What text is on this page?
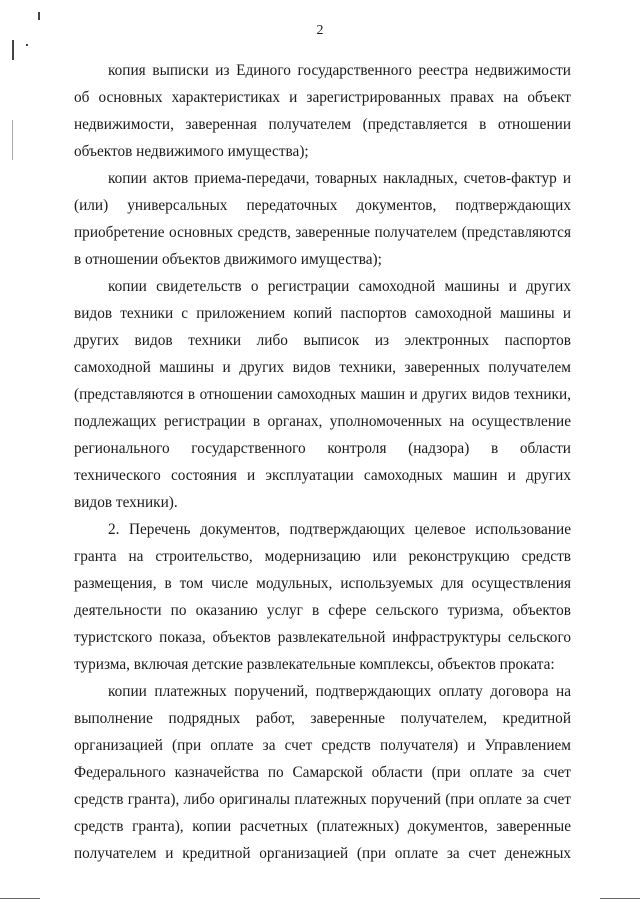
2

копия выписки из Единого государственного реестра недвижимости
об основных характеристиках и зарегистрированных правах на объект
недвижимости, заверенная получателем (представляется в отношении
объектов недвижимого имущества);

копии актов приема-передачи, товарных накладных, счетов-фактур и
(или) универсальных передаточных документов, подтверждающих
приобретение основных средств, заверенные получателем (представляются
в отношении объектов движимого имущества);

копии свидетельств о регистрации самоходной машины и других
видов техники с приложением копий паспортов самоходной машины и
других видов техники либо выписок из электронных паспортов
самоходной машины и других видов техники, заверенных получателем
(представляются в отношении самоходных машин и других видов техники,
подлежащих регистрации в органах, уполномоченных на осуществление
регионального государственного контроля (надзора) в области
технического состояния и эксплуатации самоходных машин и других
видов техники).

2. Перечень документов, подтверждающих целевое использование
гранта на строительство, модернизацию или реконструкцию средств
размещения, в том числе модульных, используемых для осуществления
деятельности по оказанию услуг в сфере сельского туризма, объектов
туристского показа, объектов развлекательной инфраструктуры сельского
туризма, включая детские развлекательные комплексы, объектов проката:

копии платежных поручений, подтверждающих оплату договора на
выполнение подрядных работ, заверенные получателем, кредитной
организацией (при оплате за счет средств получателя) и Управлением
Федерального казначейства по Самарской области (при оплате за счет
средств гранта), либо оригиналы платежных поручений (при оплате за счет
средств гранта), копии расчетных (платежных) документов, заверенные
получателем и кредитной организацией (при оплате за счет денежных
